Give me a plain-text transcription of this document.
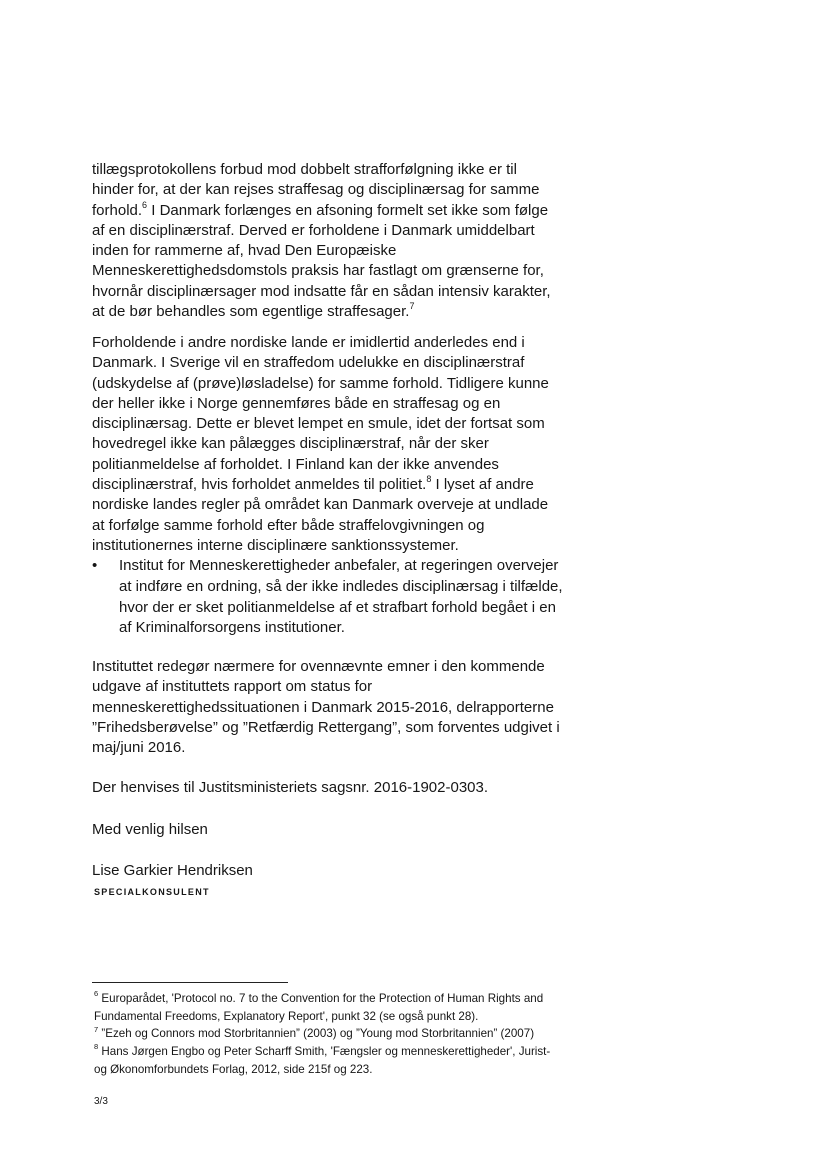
tillægsprotokollens forbud mod dobbelt strafforfølgning ikke er til hinder for, at der kan rejses straffesag og disciplinærsag for samme forhold.$^6$ I Danmark forlænges en afsoning formelt set ikke som følge af en disciplinærstraf. Derved er forholdene i Danmark umiddelbart inden for rammerne af, hvad Den Europæiske Menneskerettighedsdomstols praksis har fastlagt om grænserne for, hvornår disciplinærsager mod indsatte får en sådan intensiv karakter, at de bør behandles som egentlige straffesager.$^7$

Forholdende i andre nordiske lande er imidlertid anderledes end i Danmark. I Sverige vil en straffedom udelukke en disciplinærstraf (udskydelse af (prøve)løsladelse) for samme forhold. Tidligere kunne der heller ikke i Norge gennemføres både en straffesag og en disciplinærsag. Dette er blevet lempet en smule, idet der fortsat som hovedregel ikke kan pålægges disciplinærstraf, når der sker politianmeldelse af forholdet. I Finland kan der ikke anvendes disciplinærstraf, hvis forholdet anmeldes til politiet.$^8$ I lyset af andre nordiske landes regler på området kan Danmark overveje at undlade at forfølge samme forhold efter både straffelovgivningen og institutionernes interne disciplinære sanktionssystemer.

•	Institut for Menneskerettigheder anbefaler, at regeringen overvejer at indføre en ordning, så der ikke indledes disciplinærsag i tilfælde, hvor der er sket politianmeldelse af et strafbart forhold begået i en af Kriminalforsorgens institutioner.

Instituttet redegør nærmere for ovennævnte emner i den kommende udgave af instituttets rapport om status for menneskerettighedssituationen i Danmark 2015-2016, delrapporterne ”Frihedsberøvelse” og ”Retfærdig Rettergang”, som forventes udgivet i maj/juni 2016.

Der henvises til Justitsministeriets sagsnr. 2016-1902-0303.

Med venlig hilsen

Lise Garkier Hendriksen

SPECIALKONSULENT

$^6$ Europarådet, 'Protocol no. 7 to the Convention for the Protection of Human Rights and Fundamental Freedoms, Explanatory Report', punkt 32 (se også punkt 28).

$^7$ ”Ezeh og Connors mod Storbritannien” (2003) og ”Young mod Storbritannien” (2007)

$^8$ Hans Jørgen Engbo og Peter Scharff Smith, 'Fængsler og menneskerettigheder', Jurist- og Økonomforbundets Forlag, 2012, side 215f og 223.

3/3
